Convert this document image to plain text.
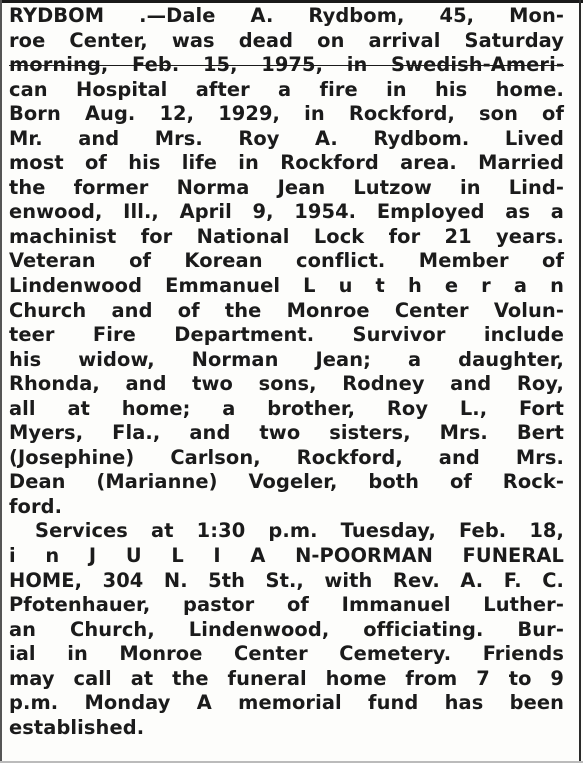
RYDBOM .—Dale A. Rydbom, 45, Mon-
roe Center, was dead on arrival Saturday
morning, Feb. 15, 1975, in Swedish-Ameri-
can Hospital after a fire in his home.
Born Aug. 12, 1929, in Rockford, son of
Mr. and Mrs. Roy A. Rydbom. Lived
most of his life in Rockford area. Married
the former Norma Jean Lutzow in Lind-
enwood, Ill., April 9, 1954. Employed as a
machinist for National Lock for 21 years.
Veteran of Korean conflict. Member of
Lindenwood Emmanuel L u t h e r a n
Church and of the Monroe Center Volun-
teer Fire Department. Survivor include
his widow, Norman Jean; a daughter,
Rhonda, and two sons, Rodney and Roy,
all at home; a brother, Roy L., Fort
Myers, Fla., and two sisters, Mrs. Bert
(Josephine) Carlson, Rockford, and Mrs.
Dean (Marianne) Vogeler, both of Rock-
ford.
Services at 1:30 p.m. Tuesday, Feb. 18,
i n J U L I A N-POORMAN FUNERAL
HOME, 304 N. 5th St., with Rev. A. F. C.
Pfotenhauer, pastor of Immanuel Luther-
an Church, Lindenwood, officiating. Bur-
ial in Monroe Center Cemetery. Friends
may call at the funeral home from 7 to 9
p.m. Monday A memorial fund has been
established.
